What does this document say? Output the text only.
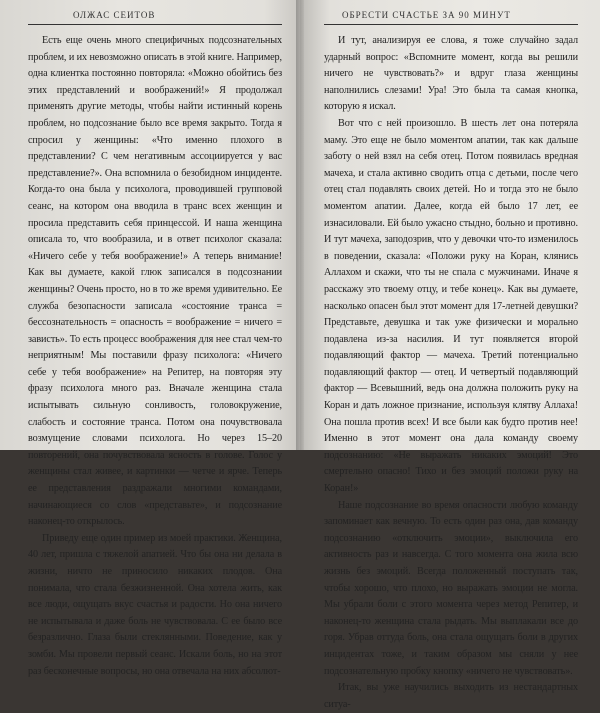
ОЛЖАС СЕИТОВ

Есть еще очень много специфичных подсознательных проблем, и их невозможно описать в этой книге. Например, одна клиентка постоянно повторяла: «Можно обойтись без этих представлений и воображений!» Я продолжал применять другие методы, чтобы найти истинный корень проблем, но подсознание было все время закрыто. Тогда я спросил у женщины: «Что именно плохого в представлении? С чем негативным ассоциируется у вас представление?». Она вспомнила о безобидном инциденте. Когда-то она была у психолога, проводившей групповой сеанс, на котором она вводила в транс всех женщин и просила представить себя принцессой. И наша женщина описала то, что вообразила, и в ответ психолог сказала: «Ничего себе у тебя воображение!» А теперь внимание! Как вы думаете, какой глюк записался в подсознании женщины? Очень просто, но в то же время удивительно. Ее служба безопасности записала «состояние транса = бессознательность = опасность = воображение = ничего = зависть». То есть процесс воображения для нее стал чем-то неприятным! Мы поставили фразу психолога: «Ничего себе у тебя воображение» на Репитер, на повторяя эту фразу психолога много раз. Вначале женщина стала испытывать сильную сонливость, головокружение, слабость и состояние транса. Потом она почувствовала возмущение словами психолога. Но через 15–20 повторений, она почувствовала ясность в голове. Голос у женщины стал живее, и картинки — четче и ярче. Теперь ее представления раздражали многими командами, начинающиеся со слов «представьте», и подсознание наконец-то открылось.

Приведу еще один пример из моей практики. Женщина, 40 лет, пришла с тяжелой апатией. Что бы она ни делала в жизни, ничто не приносило никаких плодов. Она понимала, что стала безжизненной. Она хотела жить, как все люди, ощущать вкус счастья и радости. Но она ничего не испытывала и даже боль не чувствовала. С ее было все безразлично. Глаза были стеклянными. Поведение, как у зомби. Мы провели первый сеанс. Искали боль, но на этот раз бесконечные вопросы, но она отвечала на них абсолют-

ОБРЕСТИ СЧАСТЬЕ ЗА 90 МИНУТ

И тут, анализируя ее слова, я тоже случайно задал ударный вопрос: «Вспомните момент, когда вы решили ничего не чувствовать?» и вдруг глаза женщины наполнились слезами! Ура! Это была та самая кнопка, которую я искал.

Вот что с ней произошло. В шесть лет она потеряла маму. Это еще не было моментом апатии, так как дальше заботу о ней взял на себя отец. Потом появилась вредная мачеха, и стала активно сводить отца с детьми, после чего отец стал подавлять своих детей. Но и тогда это не было моментом апатии. Далее, когда ей было 17 лет, ее изнасиловали. Ей было ужасно стыдно, больно и противно. И тут мачеха, заподозрив, что у девочки что-то изменилось в поведении, сказала: «Положи руку на Коран, клянись Аллахом и скажи, что ты не спала с мужчинами. Иначе я расскажу это твоему отцу, и тебе конец». Как вы думаете, насколько опасен был этот момент для 17-летней девушки? Представьте, девушка и так уже физически и морально подавлена из-за насилия. И тут появляется второй подавляющий фактор — мачеха. Третий потенциально подавляющий фактор — отец. И четвертый подавляющий фактор — Всевышний, ведь она должна положить руку на Коран и дать ложное признание, используя клятву Аллаха! Она пошла против всех! И все были как будто против нее! Именно в этот момент она дала команду своему подсознанию: «Не выражать никаких эмоций! Это смертельно опасно! Тихо и без эмоций положи руку на Коран!»

Наше подсознание во время опасности любую команду запоминает как вечную. То есть один раз она, дав команду подсознанию «отключить эмоции», выключила его активность раз и навсегда. С того момента она жила всю жизнь без эмоций. Всегда положенный поступать так, чтобы хорошо, что плохо, но выражать эмоции не могла. Мы убрали боли с этого момента через метод Репитер, и наконец-то женщина стала рыдать. Мы выплакали все до горя. Убрав оттуда боль, она стала ощущать боли в других инцидентах тоже, и таким образом мы сняли у нее подсознательную пробку кнопку «ничего не чувствовать».

Итак, вы уже научились выходить из нестандартных ситуа-
